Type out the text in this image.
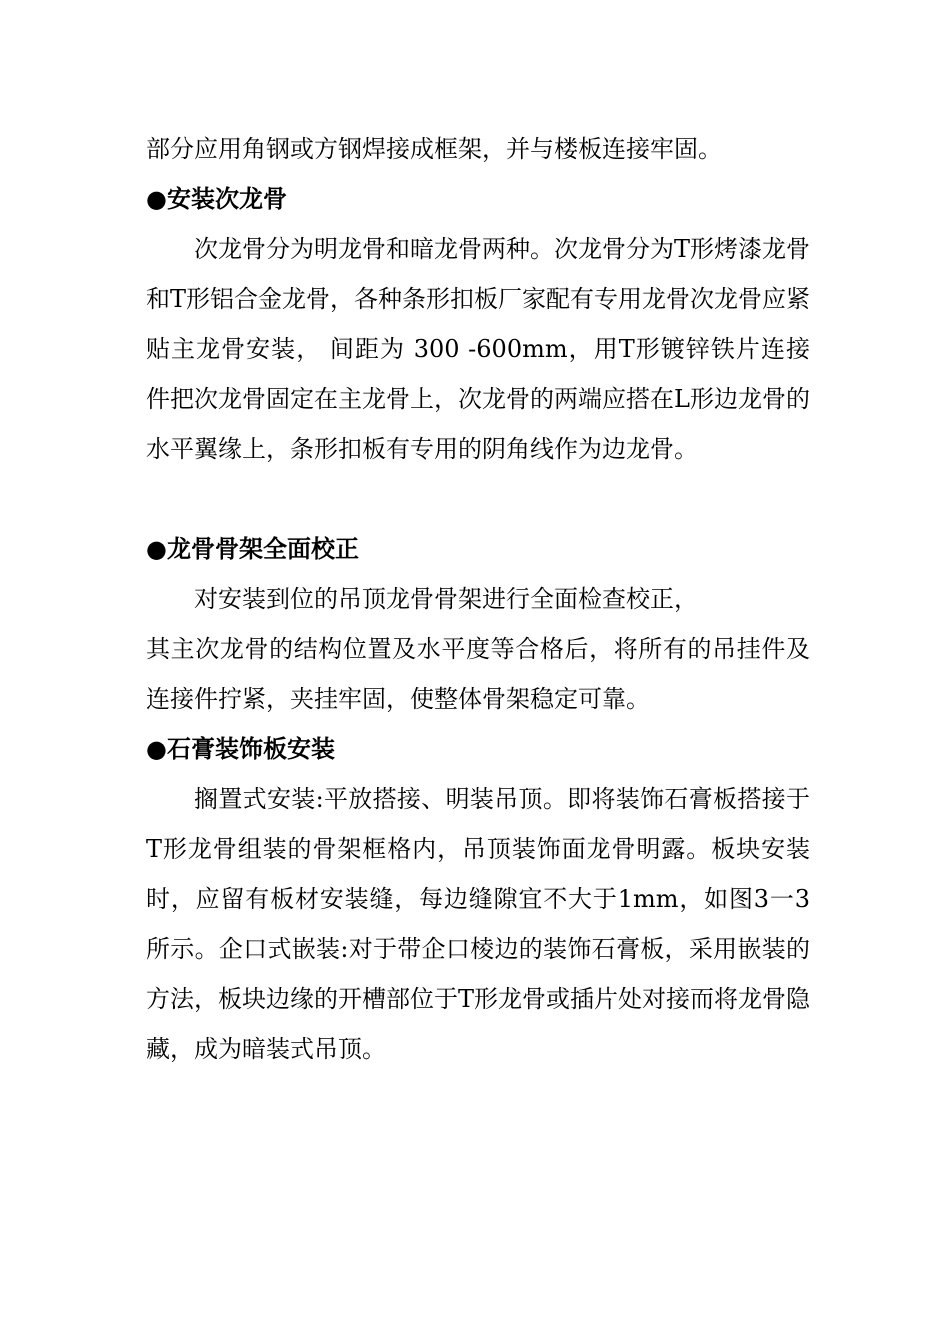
部分应用角钢或方钢焊接成框架，并与楼板连接牢固。

●安装次龙骨

次龙骨分为明龙骨和暗龙骨两种。次龙骨分为T形烤漆龙骨和T形铝合金龙骨，各种条形扣板厂家配有专用龙骨次龙骨应紧贴主龙骨安装， 间距为 300 -600mm，用T形镀锌铁片连接件把次龙骨固定在主龙骨上，次龙骨的两端应搭在L形边龙骨的水平翼缘上，条形扣板有专用的阴角线作为边龙骨。

●龙骨骨架全面校正

对安装到位的吊顶龙骨骨架进行全面检查校正，

其主次龙骨的结构位置及水平度等合格后，将所有的吊挂件及连接件拧紧，夹挂牢固，使整体骨架稳定可靠。

●石膏装饰板安装

搁置式安装:平放搭接、明装吊顶。即将装饰石膏板搭接于T形龙骨组装的骨架框格内，吊顶装饰面龙骨明露。板块安装时，应留有板材安装缝，每边缝隙宜不大于1mm，如图3一3所示。企口式嵌装:对于带企口棱边的装饰石膏板，采用嵌装的方法，板块边缘的开槽部位于T形龙骨或插片处对接而将龙骨隐藏，成为暗装式吊顶。
